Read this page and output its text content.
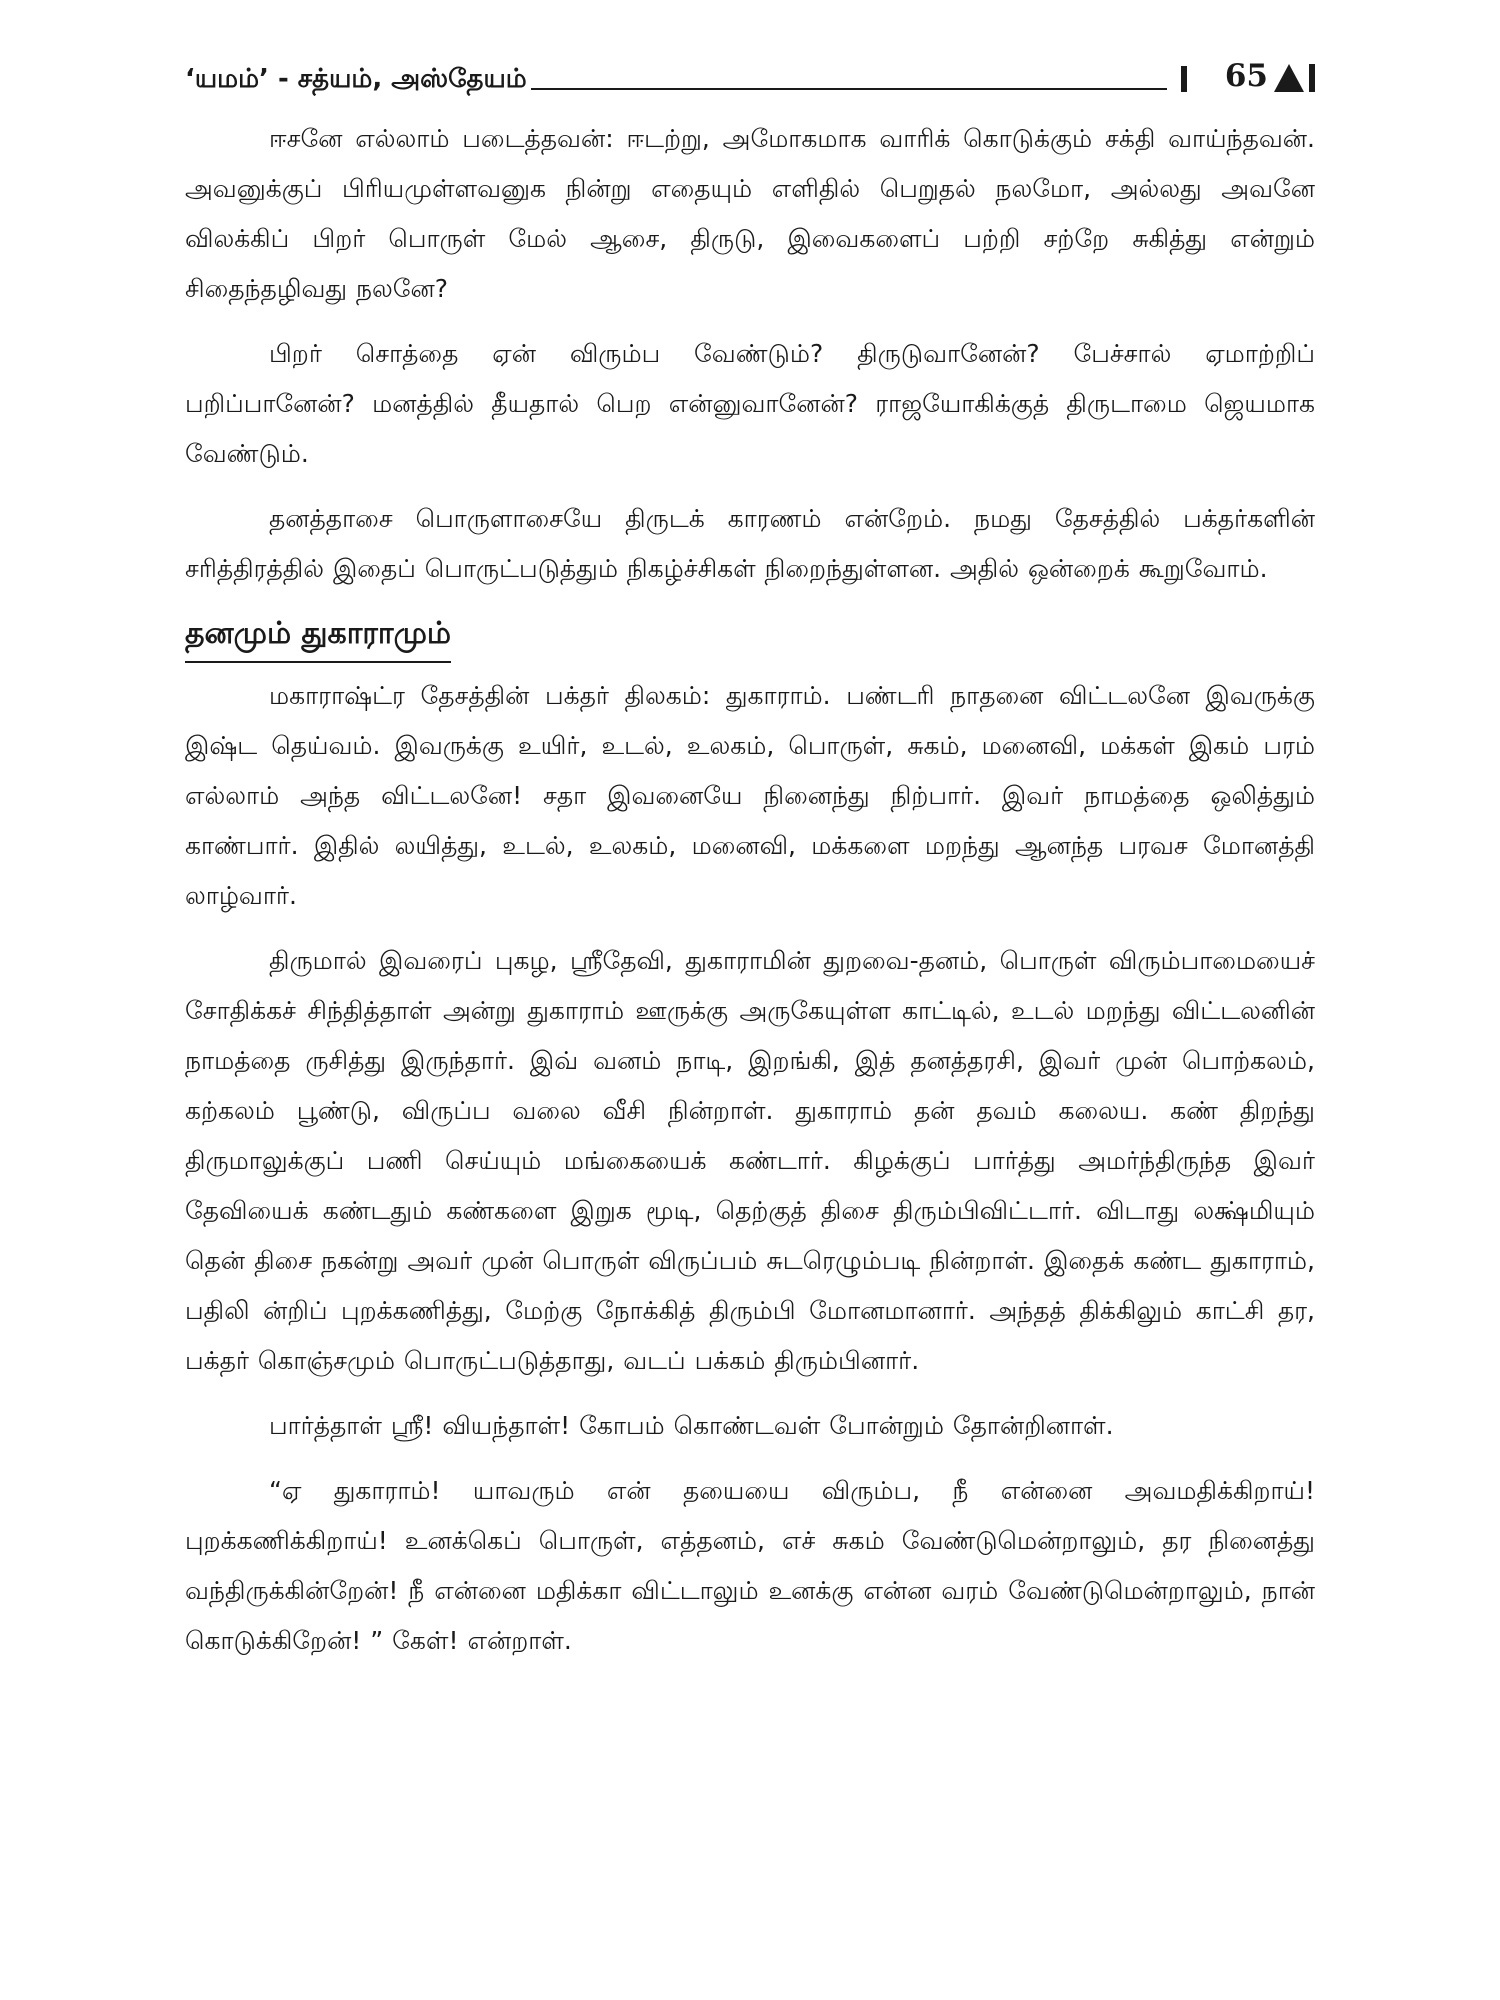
‘யமம்’ - சத்யம், அஸ்தேயம்	65

ஈசனே எல்லாம் படைத்தவன்: ஈடற்று, அமோகமாக வாரிக் கொடுக்கும் சக்தி வாய்ந்தவன். அவனுக்குப் பிரியமுள்ளவனுக நின்று எதையும் எளிதில் பெறுதல் நலமோ, அல்லது அவனே விலக்கிப் பிறர் பொருள் மேல் ஆசை, திருடு, இவைகளைப் பற்றி சற்றே சுகித்து என்றும் சிதைந்தழிவது நலனே?

பிறர் சொத்தை ஏன் விரும்ப வேண்டும்? திருடுவானேன்? பேச்சால் ஏமாற்றிப் பறிப்பானேன்? மனத்தில் தீயதால் பெற என்னுவானேன்? ராஜயோகிக்குத் திருடாமை ஜெயமாக வேண்டும்.

தனத்தாசை பொருளாசையே திருடக் காரணம் என்றேம். நமது தேசத்தில் பக்தர்களின் சரித்திரத்தில் இதைப் பொருட்படுத்தும் நிகழ்ச்சிகள் நிறைந்துள்ளன. அதில் ஒன்றைக் கூறுவோம்.

தனமும் துகாராமும்

மகாராஷ்ட்ர தேசத்தின் பக்தர் திலகம்: துகாராம். பண்டரி நாதனை விட்டலனே இவருக்கு இஷ்ட தெய்வம். இவருக்கு உயிர், உடல், உலகம், பொருள், சுகம், மனைவி, மக்கள் இகம் பரம் எல்லாம் அந்த விட்டலனே! சதா இவனையே நினைந்து நிற்பார். இவர் நாமத்தை ஒலித்தும் காண்பார். இதில் லயித்து, உடல், உலகம், மனைவி, மக்களை மறந்து ஆனந்த பரவச மோனத்தி லாழ்வார்.

திருமால் இவரைப் புகழ, ஸ்ரீதேவி, துகாராமின் துறவை-தனம், பொருள் விரும்பாமையைச் சோதிக்கச் சிந்தித்தாள் அன்று துகாராம் ஊருக்கு அருகேயுள்ள காட்டில், உடல் மறந்து விட்டலனின் நாமத்தை ருசித்து இருந்தார். இவ் வனம் நாடி, இறங்கி, இத் தனத்தரசி, இவர் முன் பொற்கலம், கற்கலம் பூண்டு, விருப்ப வலை வீசி நின்றாள். துகாராம் தன் தவம் கலைய. கண் திறந்து திருமாலுக்குப் பணி செய்யும் மங்கையைக் கண்டார். கிழக்குப் பார்த்து அமர்ந்திருந்த இவர் தேவியைக் கண்டதும் கண்களை இறுக மூடி, தெற்குத் திசை திரும்பிவிட்டார். விடாது லக்ஷ்மியும் தென் திசை நகன்று அவர் முன் பொருள் விருப்பம் சுடரெழும்படி நின்றாள். இதைக் கண்ட துகாராம், பதிலி ன்றிப் புறக்கணித்து, மேற்கு நோக்கித் திரும்பி மோனமானார். அந்தத் திக்கிலும் காட்சி தர, பக்தர் கொஞ்சமும் பொருட்படுத்தாது, வடப் பக்கம் திரும்பினார்.

பார்த்தாள் ஸ்ரீ! வியந்தாள்! கோபம் கொண்டவள் போன்றும் தோன்றினாள்.

“ஏ துகாராம்! யாவரும் என் தயையை விரும்ப, நீ என்னை அவமதிக்கிறாய்! புறக்கணிக்கிறாய்! உனக்கெப் பொருள், எத்தனம், எச் சுகம் வேண்டுமென்றாலும், தர நினைத்து வந்திருக்கின்றேன்! நீ என்னை மதிக்கா விட்டாலும் உனக்கு என்ன வரம் வேண்டுமென்றாலும், நான் கொடுக்கிறேன்! ” கேள்! என்றாள்.
